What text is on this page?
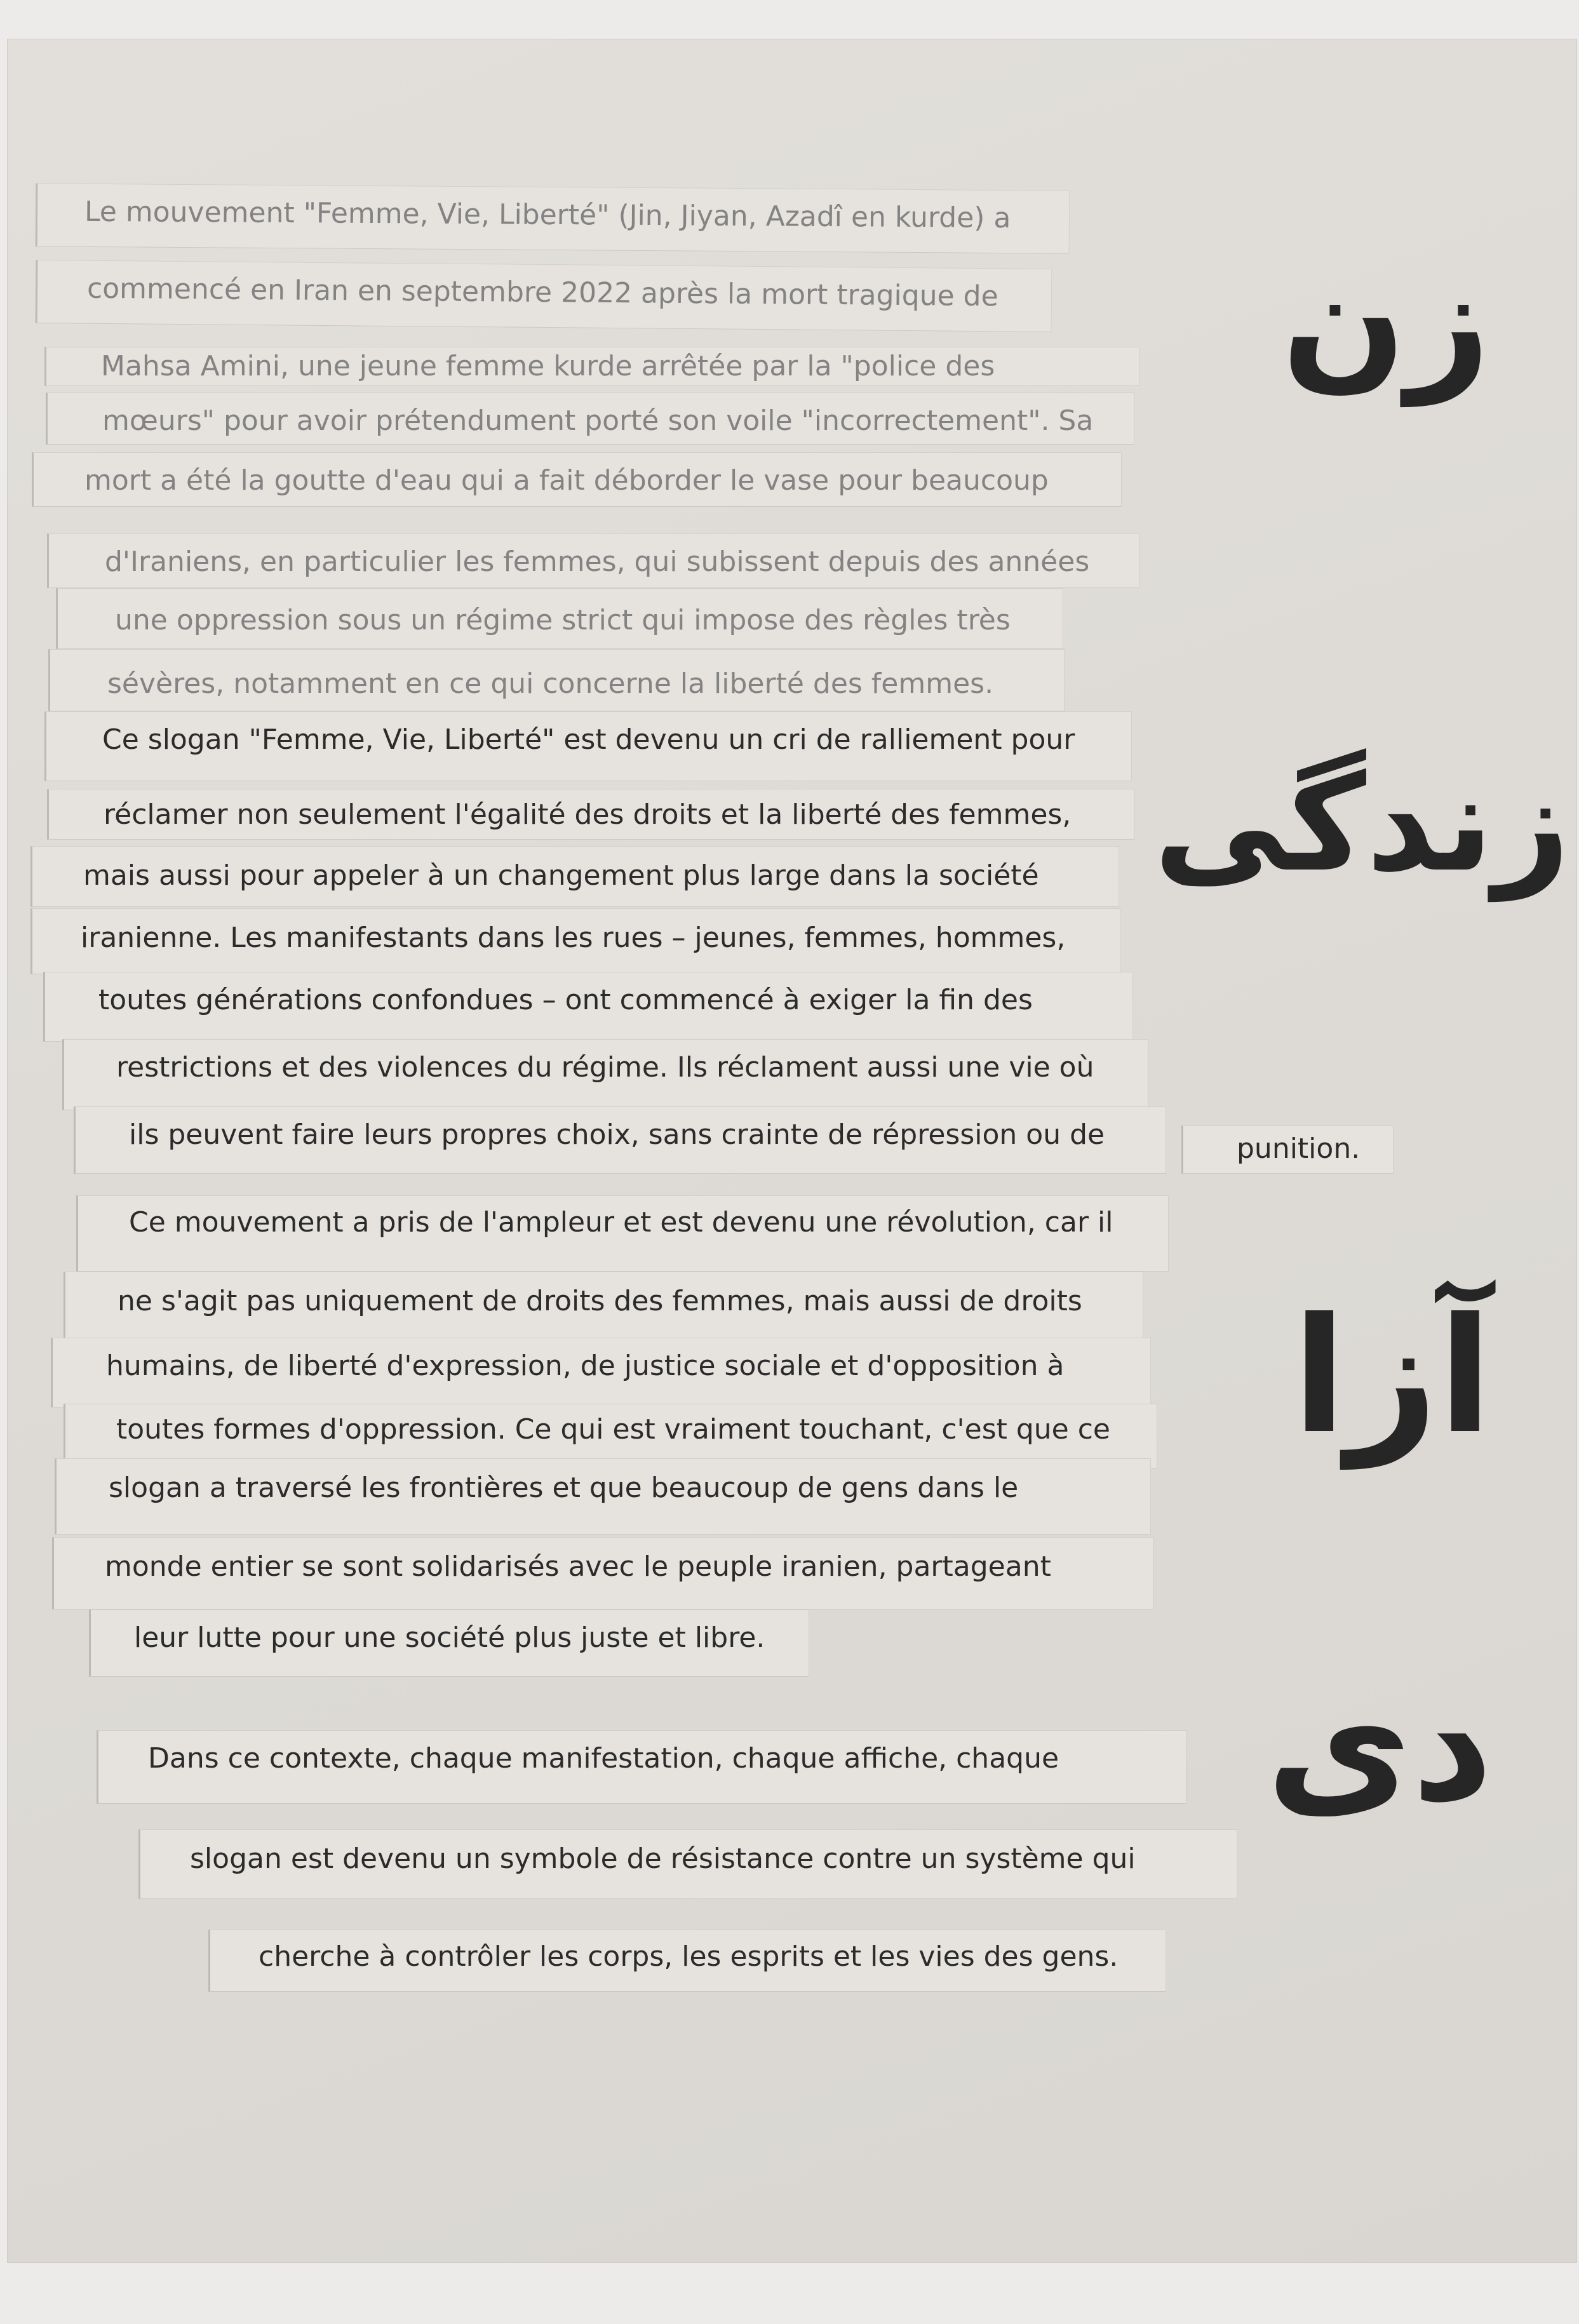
Le mouvement "Femme, Vie, Liberté" (Jin, Jiyan, Azadî en kurde) a
commencé en Iran en septembre 2022 après la mort tragique de
Mahsa Amini, une jeune femme kurde arrêtée par la "police des
mœurs" pour avoir prétendument porté son voile "incorrectement". Sa
mort a été la goutte d'eau qui a fait déborder le vase pour beaucoup
d'Iraniens, en particulier les femmes, qui subissent depuis des années
une oppression sous un régime strict qui impose des règles très
sévères, notamment en ce qui concerne la liberté des femmes.
Ce slogan "Femme, Vie, Liberté" est devenu un cri de ralliement pour
réclamer non seulement l'égalité des droits et la liberté des femmes,
mais aussi pour appeler à un changement plus large dans la société
iranienne. Les manifestants dans les rues – jeunes, femmes, hommes,
toutes générations confondues – ont commencé à exiger la fin des
restrictions et des violences du régime. Ils réclament aussi une vie où
ils peuvent faire leurs propres choix, sans crainte de répression ou de	punition.
Ce mouvement a pris de l'ampleur et est devenu une révolution, car il
ne s'agit pas uniquement de droits des femmes, mais aussi de droits
humains, de liberté d'expression, de justice sociale et d'opposition à
toutes formes d'oppression. Ce qui est vraiment touchant, c'est que ce
slogan a traversé les frontières et que beaucoup de gens dans le
monde entier se sont solidarisés avec le peuple iranien, partageant
leur lutte pour une société plus juste et libre.
Dans ce contexte, chaque manifestation, chaque affiche, chaque
slogan est devenu un symbole de résistance contre un système qui
cherche à contrôler les corps, les esprits et les vies des gens.
زن
زندگی
آزا
دی
